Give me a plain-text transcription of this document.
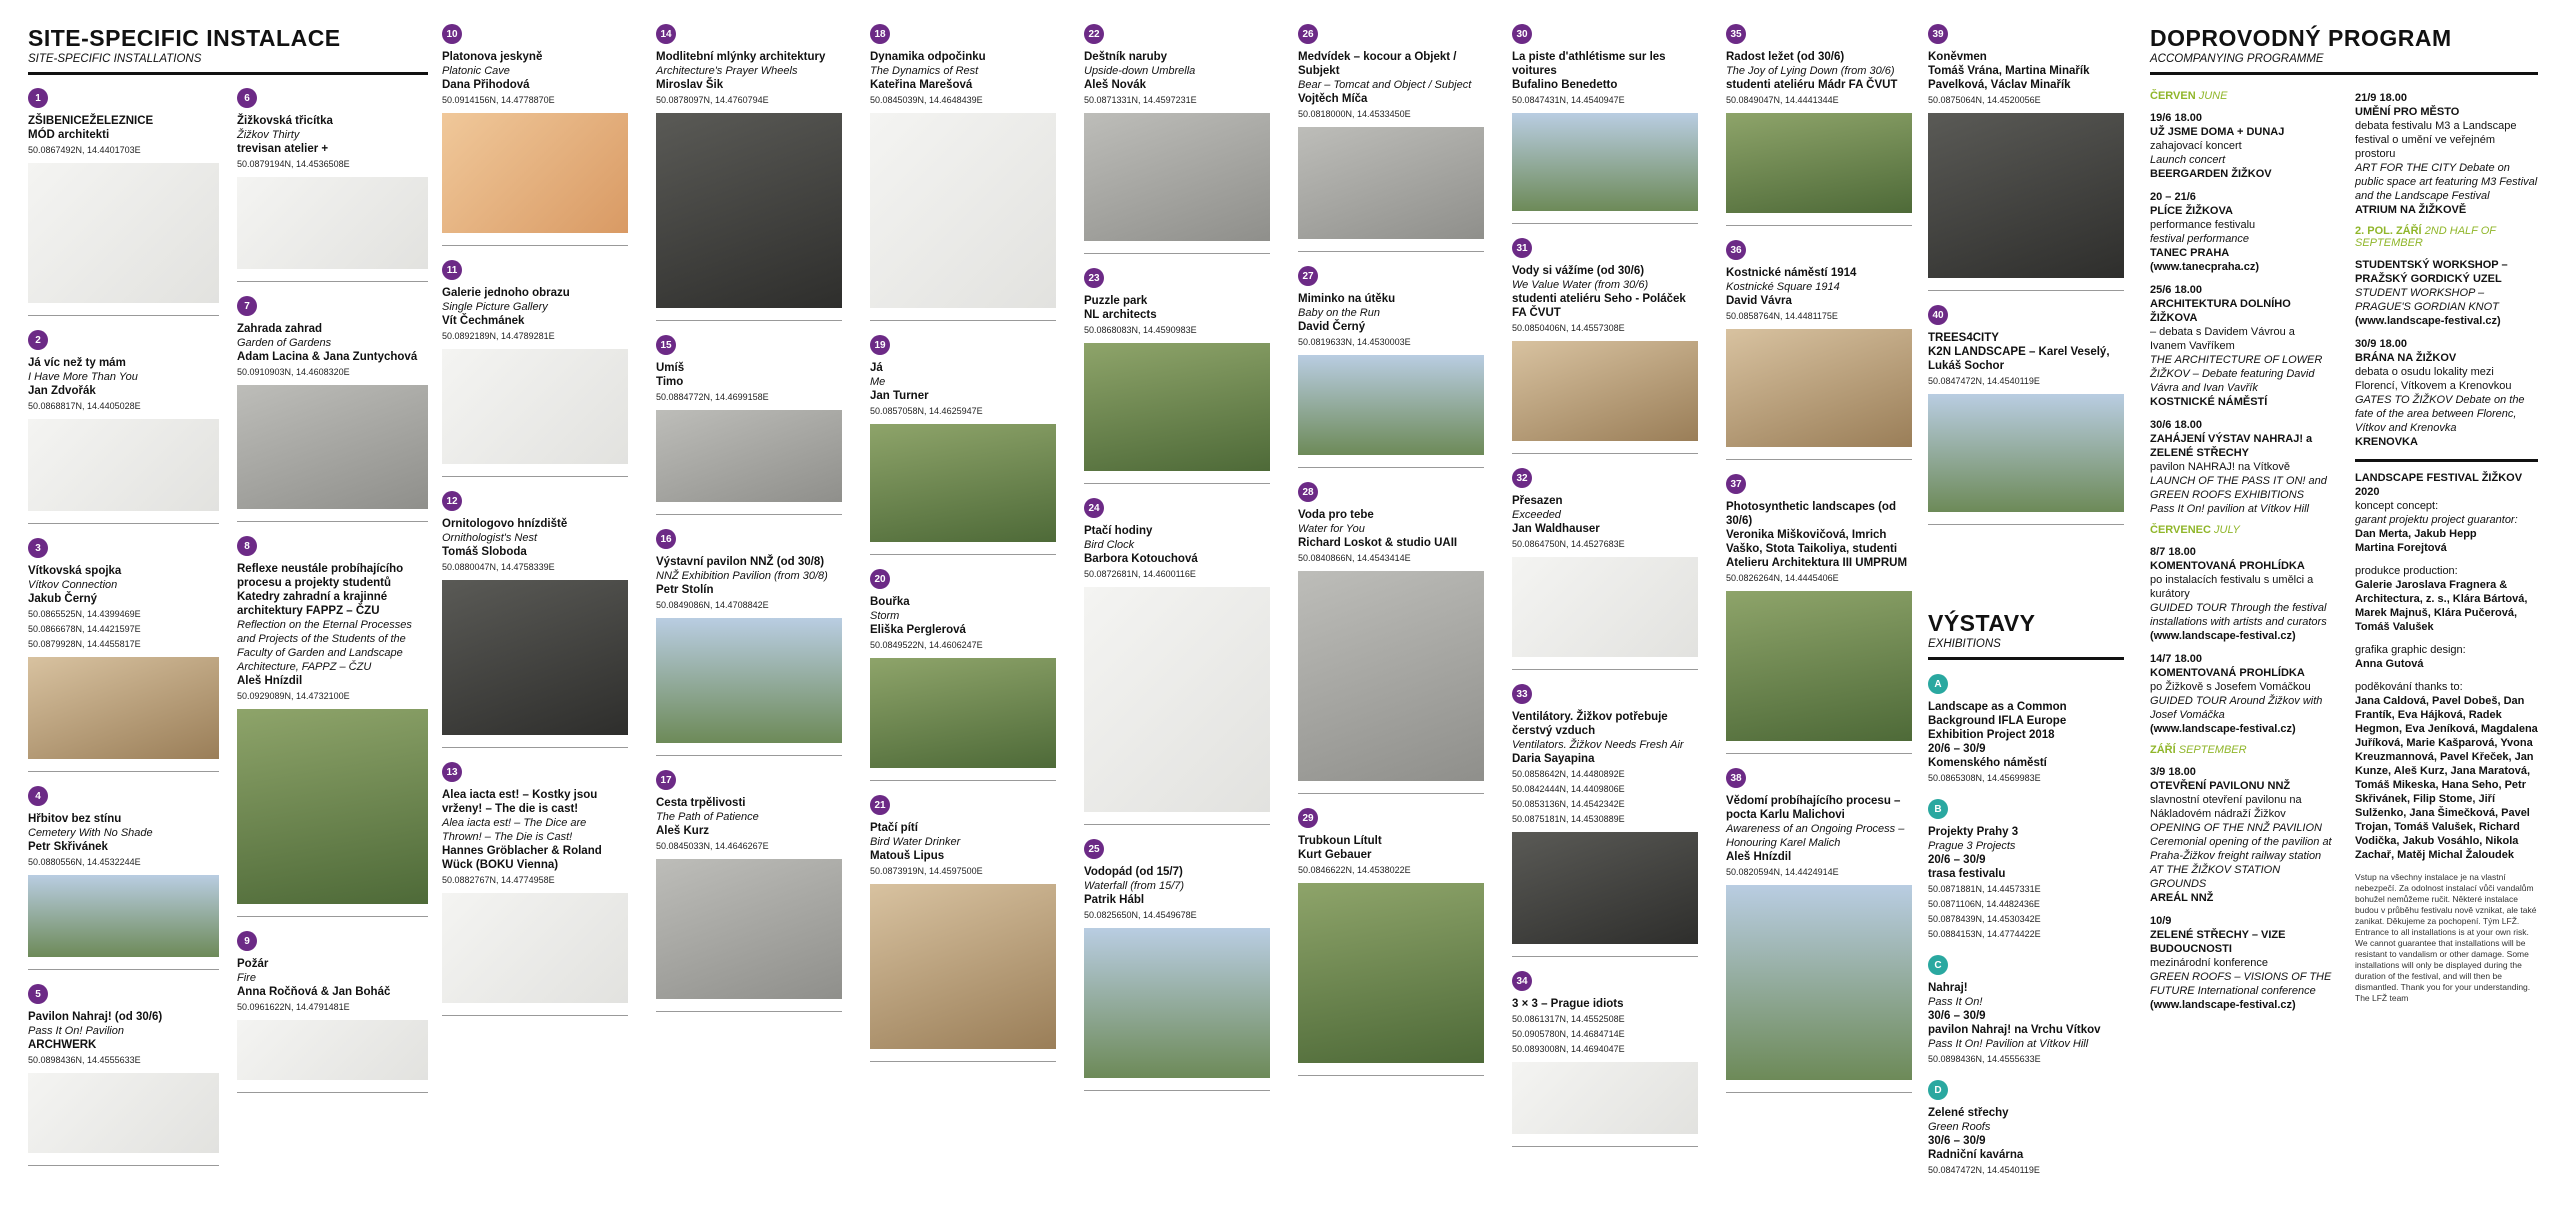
SITE-SPECIFIC INSTALACE
SITE-SPECIFIC INSTALLATIONS
VÝSTAVY
EXHIBITIONS
A
Landscape as a Common Background IFLA Europe Exhibition Project 2018
20/6 – 30/9
Komenského náměstí
50.0865308N, 14.4569983E
B
Projekty Prahy 3
Prague 3 Projects
20/6 – 30/9
trasa festivalu
50.0871881N, 14.4457331E
50.0871106N, 14.4482436E
50.0878439N, 14.4530342E
50.0884153N, 14.4774422E
C
Nahraj!
Pass It On!
30/6 – 30/9
pavilon Nahraj! na Vrchu Vítkov
Pass It On! Pavilion at Vítkov Hill
50.0898436N, 14.4555633E
D
Zelené střechy
Green Roofs
30/6 – 30/9
Radniční kavárna
50.0847472N, 14.4540119E
DOPROVODNÝ PROGRAM
ACCOMPANYING PROGRAMME
ČERVEN JUNE
19/6 18.00
UŽ JSME DOMA + DUNAJ
zahajovací koncert
Launch concert
BEERGARDEN ŽIŽKOV
20 – 21/6
PLÍCE ŽIŽKOVA
performance festivalu
festival performance
TANEC PRAHA
(www.tanecpraha.cz)
25/6 18.00
ARCHITEKTURA DOLNÍHO ŽIŽKOVA
– debata s Davidem Vávrou a Ivanem Vavříkem
THE ARCHITECTURE OF LOWER ŽIŽKOV – Debate featuring David Vávra and Ivan Vavřík
KOSTNICKÉ NÁMĚSTÍ
30/6 18.00
ZAHÁJENÍ VÝSTAV NAHRAJ! a ZELENÉ STŘECHY
pavilon NAHRAJ! na Vítkově
LAUNCH OF THE PASS IT ON! and GREEN ROOFS EXHIBITIONS
Pass It On! pavilion at Vítkov Hill
ČERVENEC JULY
8/7 18.00
KOMENTOVANÁ PROHLÍDKA
po instalacích festivalu s umělci a kurátory
GUIDED TOUR Through the festival installations with artists and curators
(www.landscape-festival.cz)
14/7 18.00
KOMENTOVANÁ PROHLÍDKA
po Žižkově s Josefem Vomáčkou
GUIDED TOUR Around Žižkov with Josef Vomáčka
(www.landscape-festival.cz)
ZÁŘÍ SEPTEMBER
3/9 18.00
OTEVŘENÍ PAVILONU NNŽ
slavnostní otevření pavilonu na Nákladovém nádraží Žižkov
OPENING OF THE NNŽ PAVILION Ceremonial opening of the pavilion at Praha-Žižkov freight railway station AT THE ŽIŽKOV STATION GROUNDS
AREÁL NNŽ
10/9
ZELENÉ STŘECHY – VIZE BUDOUCNOSTI
mezinárodní konference
GREEN ROOFS – VISIONS OF THE FUTURE International conference
(www.landscape-festival.cz)
21/9 18.00
UMĚNÍ PRO MĚSTO
debata festivalu M3 a Landscape festival o umění ve veřejném prostoru
ART FOR THE CITY Debate on public space art featuring M3 Festival and the Landscape Festival
ATRIUM NA ŽIŽKOVĚ
2. POL. ZÁŘÍ 2ND HALF OF SEPTEMBER
STUDENTSKÝ WORKSHOP – PRAŽSKÝ GORDICKÝ UZEL
STUDENT WORKSHOP – PRAGUE'S GORDIAN KNOT
(www.landscape-festival.cz)
30/9 18.00
BRÁNA NA ŽIŽKOV
debata o osudu lokality mezi Florencí, Vítkovem a Krenovkou
GATES TO ŽIŽKOV Debate on the fate of the area between Florenc, Vítkov and Krenovka
KRENOVKA
LANDSCAPE FESTIVAL ŽIŽKOV 2020
koncept concept:
garant projektu project guarantor:
Dan Merta, Jakub Hepp
Martina Forejtová
produkce production:
Galerie Jaroslava Fragnera & Architectura, z. s., Klára Bártová, Marek Majnuš, Klára Pučerová, Tomáš Valušek
grafika graphic design:
Anna Gutová
poděkování thanks to:
Jana Caldová, Pavel Dobeš, Dan Frantík, Eva Hájková, Radek Hegmon, Eva Jeníková, Magdalena Juříková, Marie Kašparová, Yvona Kreuzmannová, Pavel Křeček, Jan Kunze, Aleš Kurz, Jana Maratová, Tomáš Mikeska, Hana Seho, Petr Skřivánek, Filip Stome, Jiří Sulženko, Jana Šimečková, Pavel Trojan, Tomáš Valušek, Richard Vodička, Jakub Vosáhlo, Nikola Zachař, Matěj Michal Žaloudek
Vstup na všechny instalace je na vlastní nebezpečí. Za odolnost instalací vůči vandalům bohužel nemůžeme ručit. Některé instalace budou v průběhu festivalu nově vznikat, ale také zanikat. Děkujeme za pochopení. Tým LFŽ. Entrance to all installations is at your own risk. We cannot guarantee that installations will be resistant to vandalism or other damage. Some installations will only be displayed during the duration of the festival, and will then be dismantled. Thank you for your understanding. The LFŽ team
1
ZŠIBENICEŽELEZNICE
MÓD architekti
50.0867492N, 14.4401703E
2
Já víc než ty mám
I Have More Than You
Jan Zdvořák
50.0868817N, 14.4405028E
3
Vítkovská spojka
Vítkov Connection
Jakub Černý
50.0865525N, 14.4399469E
50.0866678N, 14.4421597E
50.0879928N, 14.4455817E
4
Hřbitov bez stínu
Cemetery With No Shade
Petr Skřivánek
50.0880556N, 14.4532244E
5
Pavilon Nahraj! (od 30/6)
Pass It On! Pavilion
ARCHWERK
50.0898436N, 14.4555633E
6
Žižkovská třicítka
Žižkov Thirty
trevisan atelier +
50.0879194N, 14.4536508E
7
Zahrada zahrad
Garden of Gardens
Adam Lacina & Jana Zuntychová
50.0910903N, 14.4608320E
8
Reflexe neustále probíhajícího procesu a projekty studentů Katedry zahradní a krajinné architektury FAPPZ – ČZU
Reflection on the Eternal Processes and Projects of the Students of the Faculty of Garden and Landscape Architecture, FAPPZ – ČZU
Aleš Hnízdil
50.0929089N, 14.4732100E
9
Požár
Fire
Anna Ročňová & Jan Boháč
50.0961622N, 14.4791481E
10
Platonova jeskyně
Platonic Cave
Dana Přihodová
50.0914156N, 14.4778870E
11
Galerie jednoho obrazu
Single Picture Gallery
Vít Čechmánek
50.0892189N, 14.4789281E
12
Ornitologovo hnízdiště
Ornithologist's Nest
Tomáš Sloboda
50.0880047N, 14.4758339E
13
Alea iacta est! – Kostky jsou vrženy! – The die is cast!
Alea iacta est! – The Dice are Thrown! – The Die is Cast!
Hannes Gröblacher & Roland Wück (BOKU Vienna)
50.0882767N, 14.4774958E
14
Modlitební mlýnky architektury
Architecture's Prayer Wheels
Miroslav Šik
50.0878097N, 14.4760794E
15
Umíš
Timo
50.0884772N, 14.4699158E
16
Výstavní pavilon NNŽ (od 30/8)
NNŽ Exhibition Pavilion (from 30/8)
Petr Stolín
50.0849086N, 14.4708842E
17
Cesta trpělivosti
The Path of Patience
Aleš Kurz
50.0845033N, 14.4646267E
18
Dynamika odpočinku
The Dynamics of Rest
Kateřina Marešová
50.0845039N, 14.4648439E
19
Já
Me
Jan Turner
50.0857058N, 14.4625947E
20
Bouřka
Storm
Eliška Perglerová
50.0849522N, 14.4606247E
21
Ptačí pítí
Bird Water Drinker
Matouš Lipus
50.0873919N, 14.4597500E
22
Deštník naruby
Upside-down Umbrella
Aleš Novák
50.0871331N, 14.4597231E
23
Puzzle park
NL architects
50.0868083N, 14.4590983E
24
Ptačí hodiny
Bird Clock
Barbora Kotouchová
50.0872681N, 14.4600116E
25
Vodopád (od 15/7)
Waterfall (from 15/7)
Patrik Hábl
50.0825650N, 14.4549678E
26
Medvídek – kocour a Objekt / Subjekt
Bear – Tomcat and Object / Subject
Vojtěch Míča
50.0818000N, 14.4533450E
27
Miminko na útěku
Baby on the Run
David Černý
50.0819633N, 14.4530003E
28
Voda pro tebe
Water for You
Richard Loskot & studio UAII
50.0840866N, 14.4543414E
29
Trubkoun Lítult
Kurt Gebauer
50.0846622N, 14.4538022E
30
La piste d'athlétisme sur les voitures
Bufalino Benedetto
50.0847431N, 14.4540947E
31
Vody si vážíme (od 30/6)
We Value Water (from 30/6)
studenti ateliéru Seho - Poláček FA ČVUT
50.0850406N, 14.4557308E
32
Přesazen
Exceeded
Jan Waldhauser
50.0864750N, 14.4527683E
33
Ventilátory. Žižkov potřebuje čerstvý vzduch
Ventilators. Žižkov Needs Fresh Air
Daria Sayapina
50.0858642N, 14.4480892E
50.0842444N, 14.4409806E
50.0853136N, 14.4542342E
50.0875181N, 14.4530889E
34
3 × 3 – Prague idiots
50.0861317N, 14.4552508E
50.0905780N, 14.4684714E
50.0893008N, 14.4694047E
35
Radost ležet (od 30/6)
The Joy of Lying Down (from 30/6)
studenti ateliéru Mádr FA ČVUT
50.0849047N, 14.4441344E
36
Kostnické náměstí 1914
Kostnické Square 1914
David Vávra
50.0858764N, 14.4481175E
37
Photosynthetic landscapes (od 30/6)
Veronika Miškovičová, Imrich Vaško, Stota Taikoliya, studenti Atelieru Architektura III UMPRUM
50.0826264N, 14.4445406E
38
Vědomí probíhajícího procesu – pocta Karlu Malichovi
Awareness of an Ongoing Process – Honouring Karel Malich
Aleš Hnízdil
50.0820594N, 14.4424914E
39
Koněvmen
Tomáš Vrána, Martina Minařík Pavelková, Václav Minařík
50.0875064N, 14.4520056E
40
TREES4CITY
K2N LANDSCAPE – Karel Veselý, Lukáš Sochor
50.0847472N, 14.4540119E
